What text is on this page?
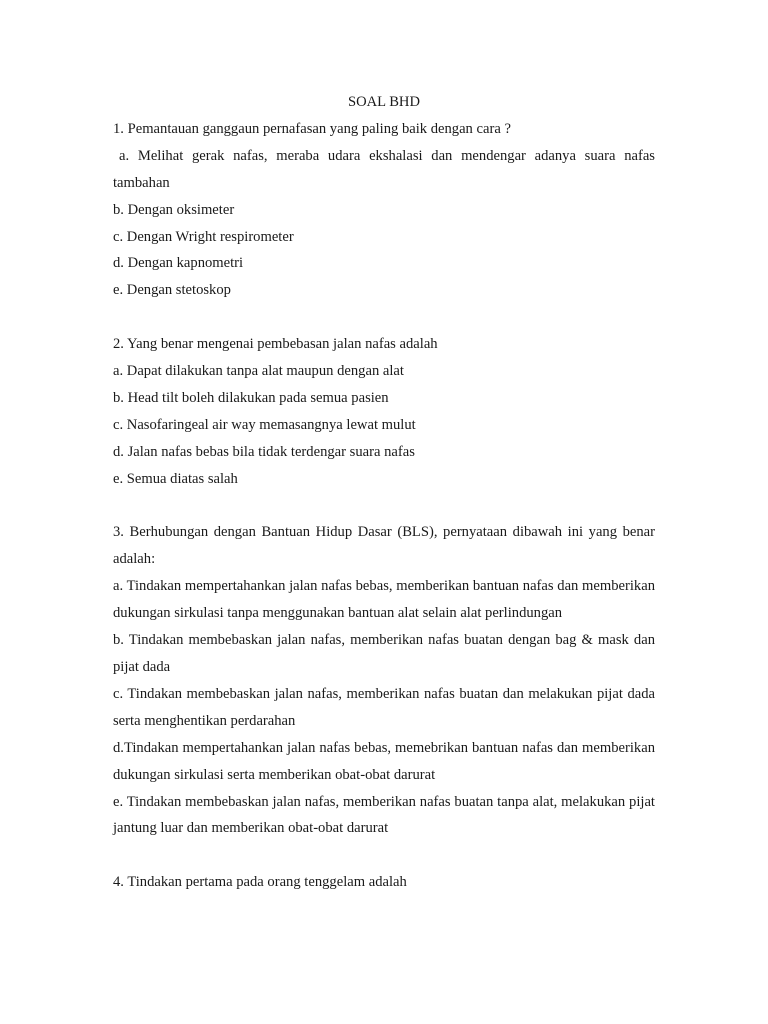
SOAL BHD

1. Pemantauan ganggaun pernafasan yang paling baik dengan cara ?

a. Melihat gerak nafas, meraba udara ekshalasi dan mendengar adanya suara nafas tambahan

b. Dengan oksimeter

c. Dengan Wright respirometer

d. Dengan kapnometri

e. Dengan stetoskop

2. Yang benar mengenai pembebasan jalan nafas adalah

a. Dapat dilakukan tanpa alat maupun dengan alat

b. Head tilt boleh dilakukan pada semua pasien

c. Nasofaringeal air way memasangnya lewat mulut

d. Jalan nafas bebas bila tidak terdengar suara nafas

e. Semua diatas salah

3. Berhubungan dengan Bantuan Hidup Dasar (BLS), pernyataan dibawah ini yang benar adalah:

a. Tindakan mempertahankan jalan nafas bebas, memberikan bantuan nafas dan memberikan dukungan sirkulasi tanpa menggunakan bantuan alat selain alat perlindungan

b. Tindakan membebaskan jalan nafas, memberikan nafas buatan dengan bag & mask dan pijat dada

c. Tindakan membebaskan jalan nafas, memberikan nafas buatan dan melakukan pijat dada serta menghentikan perdarahan

d.Tindakan mempertahankan jalan nafas bebas, memebrikan bantuan nafas dan memberikan dukungan sirkulasi serta memberikan obat-obat darurat

e. Tindakan membebaskan jalan nafas, memberikan nafas buatan tanpa alat, melakukan pijat jantung luar dan memberikan obat-obat darurat

4. Tindakan pertama pada orang tenggelam adalah
